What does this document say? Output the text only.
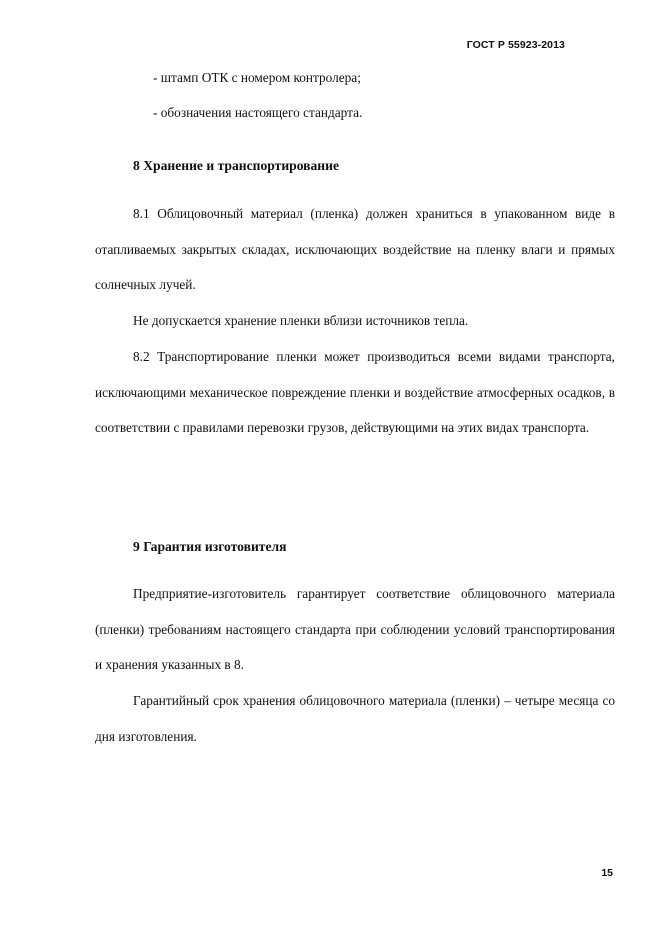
ГОСТ Р 55923-2013
- штамп ОТК с номером контролера;
- обозначения настоящего стандарта.
8 Хранение и транспортирование

8.1 Облицовочный материал (пленка) должен храниться в упакованном виде в отапливаемых закрытых складах, исключающих воздействие на пленку влаги и прямых солнечных лучей.

Не допускается хранение пленки вблизи источников тепла.

8.2 Транспортирование пленки может производиться всеми видами транспорта, исключающими механическое повреждение пленки и воздействие атмосферных осадков, в соответствии с правилами перевозки грузов, действующими на этих видах транспорта.

9 Гарантия изготовителя

Предприятие-изготовитель гарантирует соответствие облицовочного материала (пленки) требованиям настоящего стандарта при соблюдении условий транспортирования и хранения указанных в 8.

Гарантийный срок хранения облицовочного материала (пленки) – четыре месяца со дня изготовления.

15
